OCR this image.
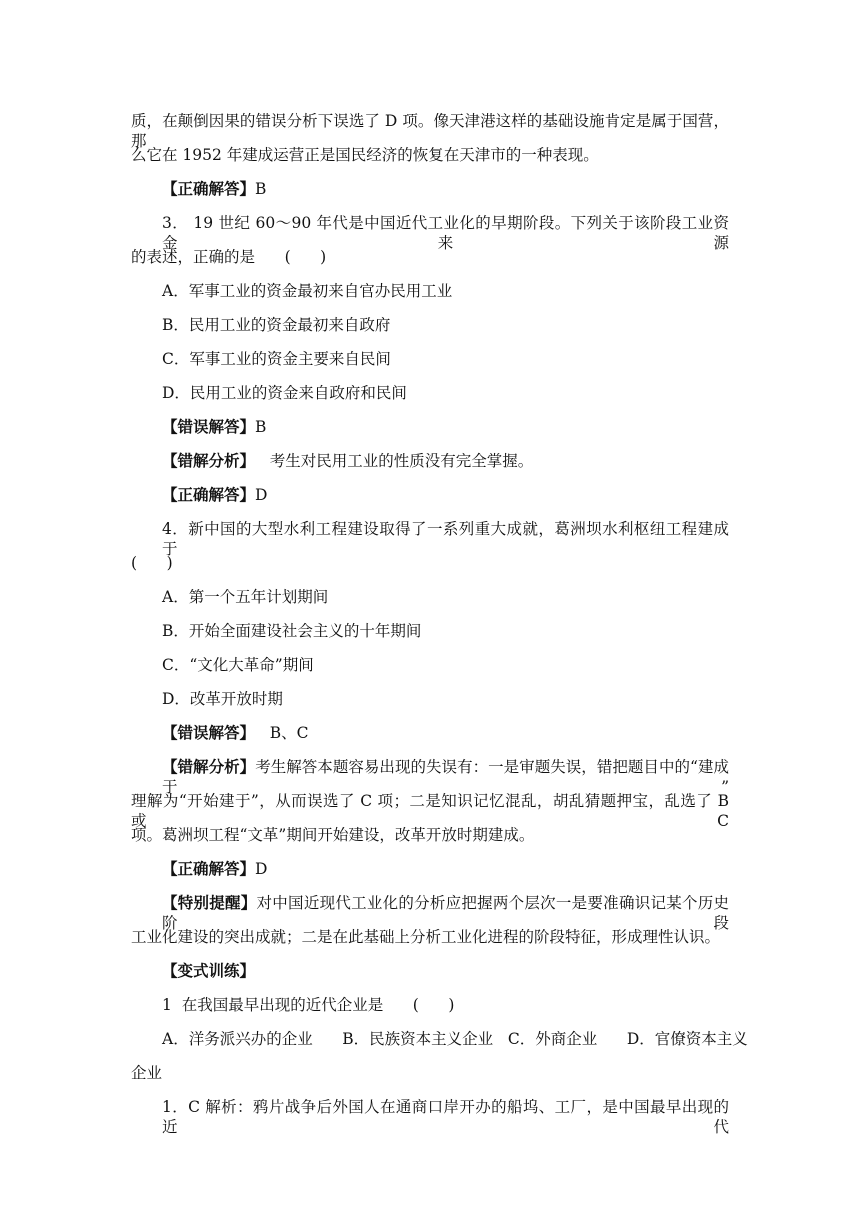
质，在颠倒因果的错误分析下误选了 D 项。像天津港这样的基础设施肯定是属于国营，那
么它在 1952 年建成运营正是国民经济的恢复在天津市的一种表现。
【正确解答】B
3． 19 世纪 60～90 年代是中国近代工业化的早期阶段。下列关于该阶段工业资金来源
的表述，正确的是      (      )
A．军事工业的资金最初来自官办民用工业
B．民用工业的资金最初来自政府
C．军事工业的资金主要来自民间
D．民用工业的资金来自政府和民间
【错误解答】B
【错解分析】   考生对民用工业的性质没有完全掌握。
【正确解答】D
4．新中国的大型水利工程建设取得了一系列重大成就，葛洲坝水利枢纽工程建成于
(      )
A．第一个五年计划期间
B．开始全面建设社会主义的十年期间
C．“文化大革命”期间
D．改革开放时期
【错误解答】   B、C
【错解分析】考生解答本题容易出现的失误有：一是审题失误，错把题目中的“建成于”
理解为“开始建于”，从而误选了 C 项；二是知识记忆混乱，胡乱猜题押宝，乱选了 B 或 C
项。葛洲坝工程“文革”期间开始建设，改革开放时期建成。
【正确解答】D
【特别提醒】对中国近现代工业化的分析应把握两个层次一是要准确识记某个历史阶段
工业化建设的突出成就；二是在此基础上分析工业化进程的阶段特征，形成理性认识。
【变式训练】
1  在我国最早出现的近代企业是      (      )
A．洋务派兴办的企业      B．民族资本主义企业   C．外商企业      D．官僚资本主义
企业
1．C 解析：鸦片战争后外国人在通商口岸开办的船坞、工厂，是中国最早出现的近代
